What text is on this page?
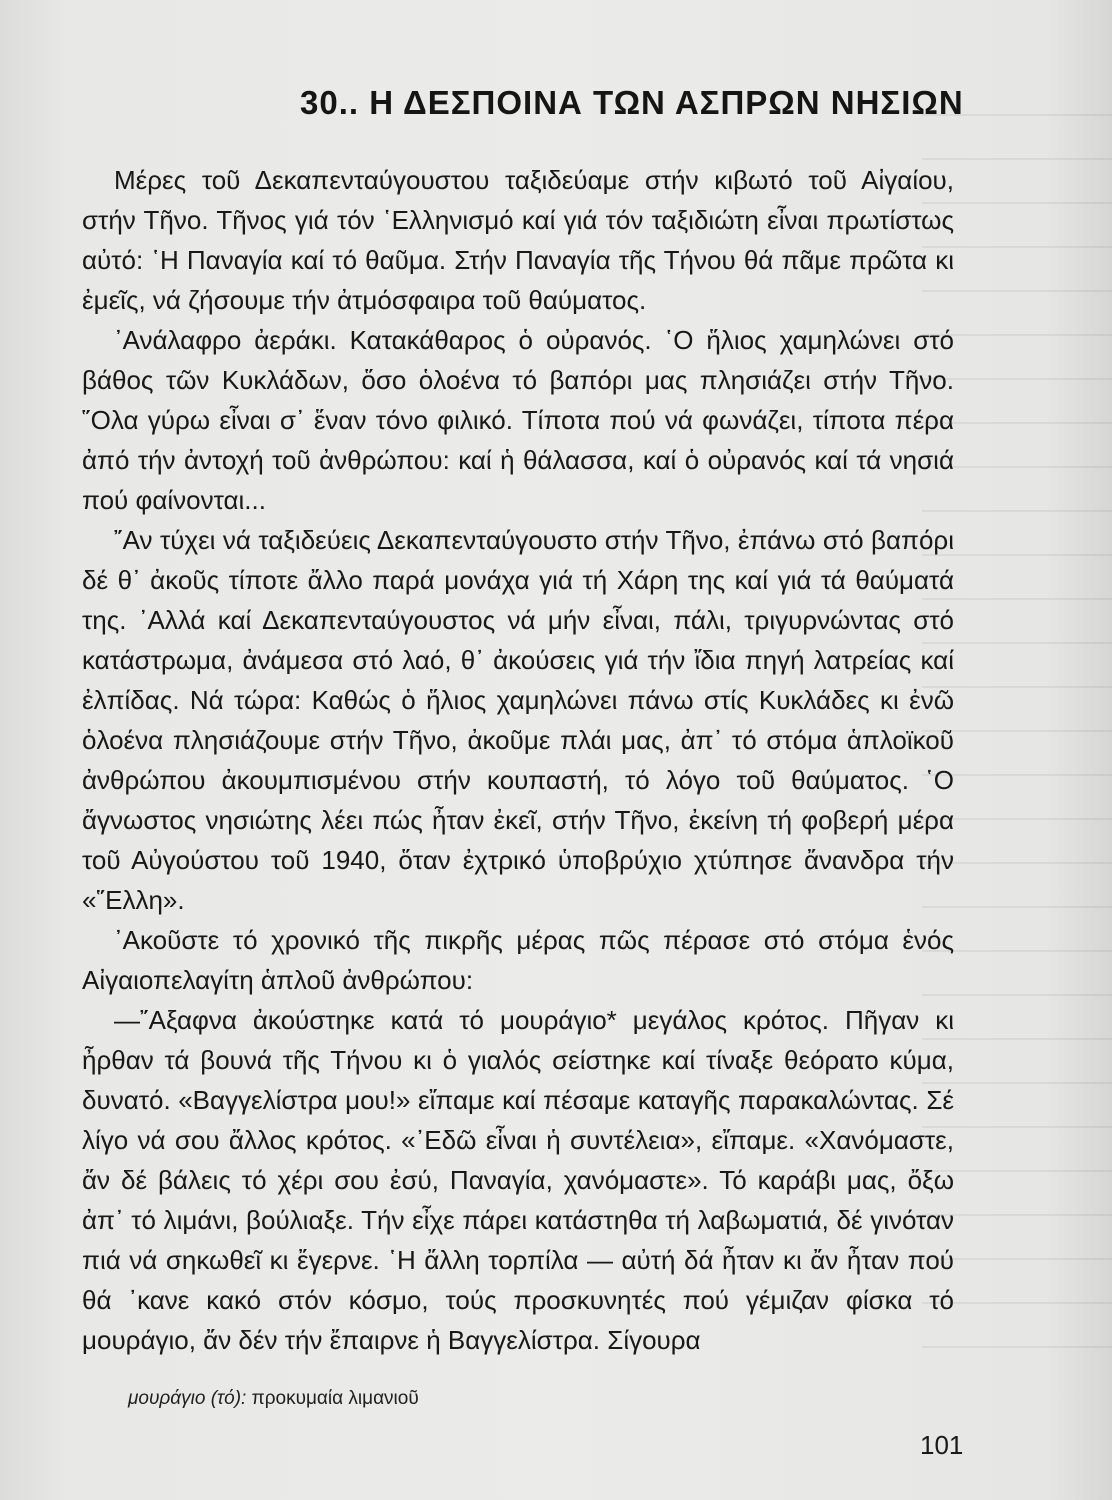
30.. Η ΔΕΣΠΟΙΝΑ ΤΩΝ ΑΣΠΡΩΝ ΝΗΣΙΩΝ

Μέρες τοῦ Δεκαπενταύγουστου ταξιδεύαμε στήν κιβωτό τοῦ Αἰγαίου, στήν Τῆνο. Τῆνος γιά τόν ῾Ελληνισμό καί γιά τόν ταξιδιώτη εἶναι πρωτίστως αὐτό: ῾Η Παναγία καί τό θαῦμα. Στήν Παναγία τῆς Τήνου θά πᾶμε πρῶτα κι ἐμεῖς, νά ζήσουμε τήν ἀτμόσφαιρα τοῦ θαύματος.

᾿Ανάλαφρο ἀεράκι. Κατακάθαρος ὁ οὐρανός. ῾Ο ἥλιος χαμηλώνει στό βάθος τῶν Κυκλάδων, ὅσο ὁλοένα τό βαπόρι μας πλησιάζει στήν Τῆνο. ῞Ολα γύρω εἶναι σ᾿ ἕναν τόνο φιλικό. Τίποτα πού νά φωνάζει, τίποτα πέρα ἀπό τήν ἀντοχή τοῦ ἀνθρώπου: καί ἡ θάλασσα, καί ὁ οὐρανός καί τά νησιά πού φαίνονται...

῎Αν τύχει νά ταξιδεύεις Δεκαπενταύγουστο στήν Τῆνο, ἐπάνω στό βαπόρι δέ θ᾿ ἀκοῦς τίποτε ἄλλο παρά μονάχα γιά τή Χάρη της καί γιά τά θαύματά της. ᾿Αλλά καί Δεκαπενταύγουστος νά μήν εἶναι, πάλι, τριγυρνώντας στό κατάστρωμα, ἀνάμεσα στό λαό, θ᾿ ἀκούσεις γιά τήν ἴδια πηγή λατρείας καί ἐλπίδας. Νά τώρα: Καθώς ὁ ἥλιος χαμηλώνει πάνω στίς Κυκλάδες κι ἐνῶ ὁλοένα πλησιάζουμε στήν Τῆνο, ἀκοῦμε πλάι μας, ἀπ᾿ τό στόμα ἁπλοϊκοῦ ἀνθρώπου ἀκουμπισμένου στήν κουπαστή, τό λόγο τοῦ θαύματος. ῾Ο ἄγνωστος νησιώτης λέει πώς ἦταν ἐκεῖ, στήν Τῆνο, ἐκείνη τή φοβερή μέρα τοῦ Αὐγούστου τοῦ 1940, ὅταν ἐχτρικό ὑποβρύχιο χτύπησε ἄνανδρα τήν «῞Ελλη».

᾿Ακοῦστε τό χρονικό τῆς πικρῆς μέρας πῶς πέρασε στό στόμα ἑνός Αἰγαιοπελαγίτη ἁπλοῦ ἀνθρώπου:

—῎Αξαφνα ἀκούστηκε κατά τό μουράγιο* μεγάλος κρότος. Πῆγαν κι ἦρθαν τά βουνά τῆς Τήνου κι ὁ γιαλός σείστηκε καί τίναξε θεόρατο κύμα, δυνατό. «Βαγγελίστρα μου!» εἴπαμε καί πέσαμε καταγῆς παρακαλώντας. Σέ λίγο νά σου ἄλλος κρότος. «᾿Εδῶ εἶναι ἡ συντέλεια», εἴπαμε. «Χανόμαστε, ἄν δέ βάλεις τό χέρι σου ἐσύ, Παναγία, χανόμαστε». Τό καράβι μας, ὄξω ἀπ᾿ τό λιμάνι, βούλιαξε. Τήν εἶχε πάρει κατάστηθα τή λαβωματιά, δέ γινόταν πιά νά σηκωθεῖ κι ἔγερνε. ῾Η ἄλλη τορπίλα — αὐτή δά ἦταν κι ἄν ἦταν πού θά ᾿κανε κακό στόν κόσμο, τούς προσκυνητές πού γέμιζαν φίσκα τό μουράγιο, ἄν δέν τήν ἔπαιρνε ἡ Βαγγελίστρα. Σίγουρα

μουράγιο (τό): προκυμαία λιμανιοῦ
101
